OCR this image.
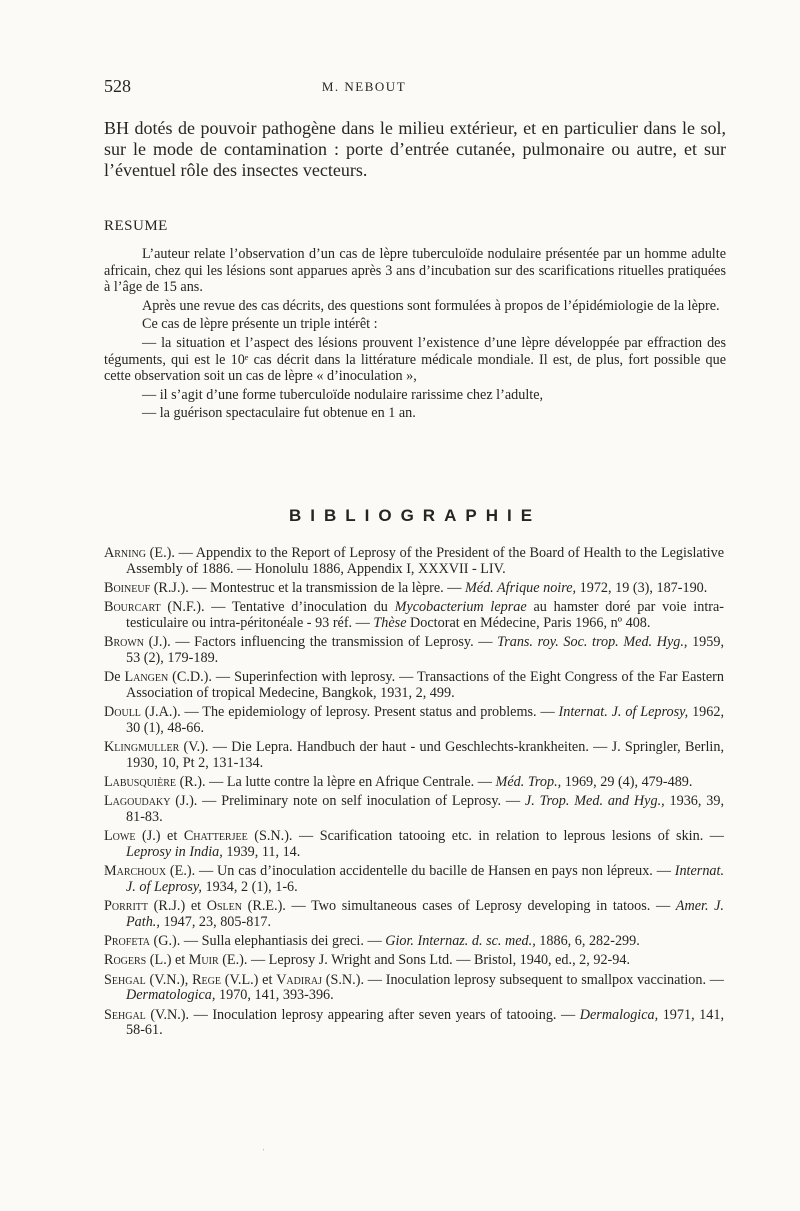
528	M. NEBOUT

BH dotés de pouvoir pathogène dans le milieu extérieur, et en particulier dans le sol, sur le mode de contamination : porte d’entrée cutanée, pulmonaire ou autre, et sur l’éventuel rôle des insectes vecteurs.

RESUME

L’auteur relate l’observation d’un cas de lèpre tuberculoïde nodulaire présentée par un homme adulte africain, chez qui les lésions sont apparues après 3 ans d’incubation sur des scarifications rituelles pratiquées à l’âge de 15 ans.

Après une revue des cas décrits, des questions sont formulées à propos de l’épidémiologie de la lèpre.

Ce cas de lèpre présente un triple intérêt :

— la situation et l’aspect des lésions prouvent l’existence d’une lèpre développée par effraction des téguments, qui est le 10ᵉ cas décrit dans la littérature médicale mondiale. Il est, de plus, fort possible que cette observation soit un cas de lèpre « d’inoculation »,

— il s’agit d’une forme tuberculoïde nodulaire rarissime chez l’adulte,

— la guérison spectaculaire fut obtenue en 1 an.

BIBLIOGRAPHIE
Arning (E.). — Appendix to the Report of Leprosy of the President of the Board of Health to the Legislative Assembly of 1886. — Honolulu 1886, Appendix I, XXXVII - LIV.
Boineuf (R.J.). — Montestruc et la transmission de la lèpre. — Méd. Afrique noire, 1972, 19 (3), 187-190.
Bourcart (N.F.). — Tentative d’inoculation du Mycobacterium leprae au hamster doré par voie intra-testiculaire ou intra-péritonéale - 93 réf. — Thèse Doctorat en Médecine, Paris 1966, nº 408.
Brown (J.). — Factors influencing the transmission of Leprosy. — Trans. roy. Soc. trop. Med. Hyg., 1959, 53 (2), 179-189.
De Langen (C.D.). — Superinfection with leprosy. — Transactions of the Eight Congress of the Far Eastern Association of tropical Medecine, Bangkok, 1931, 2, 499.
Doull (J.A.). — The epidemiology of leprosy. Present status and problems. — Internat. J. of Leprosy, 1962, 30 (1), 48-66.
Klingmuller (V.). — Die Lepra. Handbuch der haut - und Geschlechts-krankheiten. — J. Springler, Berlin, 1930, 10, Pt 2, 131-134.
Labusquière (R.). — La lutte contre la lèpre en Afrique Centrale. — Méd. Trop., 1969, 29 (4), 479-489.
Lagoudaky (J.). — Preliminary note on self inoculation of Leprosy. — J. Trop. Med. and Hyg., 1936, 39, 81-83.
Lowe (J.) et Chatterjee (S.N.). — Scarification tatooing etc. in relation to leprous lesions of skin. — Leprosy in India, 1939, 11, 14.
Marchoux (E.). — Un cas d’inoculation accidentelle du bacille de Hansen en pays non lépreux. — Internat. J. of Leprosy, 1934, 2 (1), 1-6.
Porritt (R.J.) et Oslen (R.E.). — Two simultaneous cases of Leprosy developing in tatoos. — Amer. J. Path., 1947, 23, 805-817.
Profeta (G.). — Sulla elephantiasis dei greci. — Gior. Internaz. d. sc. med., 1886, 6, 282-299.
Rogers (L.) et Muir (E.). — Leprosy J. Wright and Sons Ltd. — Bristol, 1940, ed., 2, 92-94.
Sehgal (V.N.), Rege (V.L.) et Vadiraj (S.N.). — Inoculation leprosy subsequent to smallpox vaccination. — Dermatologica, 1970, 141, 393-396.
Sehgal (V.N.). — Inoculation leprosy appearing after seven years of tatooing. — Dermalogica, 1971, 141, 58-61.
ˌ
